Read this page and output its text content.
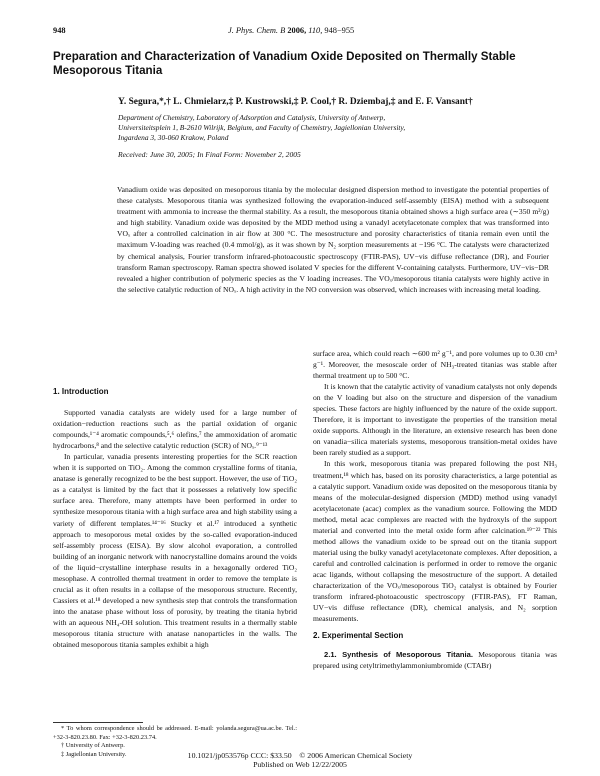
948	J. Phys. Chem. B 2006, 110, 948−955
Preparation and Characterization of Vanadium Oxide Deposited on Thermally Stable Mesoporous Titania
Y. Segura,*,† L. Chmielarz,‡ P. Kustrowski,‡ P. Cool,† R. Dziembaj,‡ and E. F. Vansant†
Department of Chemistry, Laboratory of Adsorption and Catalysis, University of Antwerp,
Universiteitsplein 1, B-2610 Wilrijk, Belgium, and Faculty of Chemistry, Jagiellonian University,
Ingardena 3, 30-060 Krakow, Poland
Received: June 30, 2005; In Final Form: November 2, 2005
Vanadium oxide was deposited on mesoporous titania by the molecular designed dispersion method to investigate the potential properties of these catalysts. Mesoporous titania was synthesized following the evaporation-induced self-assembly (EISA) method with a subsequent treatment with ammonia to increase the thermal stability. As a result, the mesoporous titania obtained shows a high surface area (∼350 m²/g) and high stability. Vanadium oxide was deposited by the MDD method using a vanadyl acetylacetonate complex that was transformed into VOₓ after a controlled calcination in air flow at 300 °C. The mesostructure and porosity characteristics of titania remain even until the maximum V-loading was reached (0.4 mmol/g), as it was shown by N₂ sorption measurements at −196 °C. The catalysts were characterized by chemical analysis, Fourier transform infrared-photoacoustic spectroscopy (FTIR-PAS), UV−vis diffuse reflectance (DR), and Fourier transform Raman spectroscopy. Raman spectra showed isolated V species for the different V-containing catalysts. Furthermore, UV−vis−DR revealed a higher contribution of polymeric species as the V loading increases. The VOₓ/mesoporous titania catalysts were highly active in the selective catalytic reduction of NOₓ. A high activity in the NO conversion was observed, which increases with increasing metal loading.
1. Introduction

Supported vanadia catalysts are widely used for a large number of oxidation−reduction reactions such as the partial oxidation of organic compounds,¹⁻⁴ aromatic compounds,⁵,⁶ olefins,⁷ the ammoxidation of aromatic hydrocarbons,⁸ and the selective catalytic reduction (SCR) of NOₓ.⁹⁻¹³

In particular, vanadia presents interesting properties for the SCR reaction when it is supported on TiO₂. Among the common crystalline forms of titania, anatase is generally recognized to be the best support. However, the use of TiO₂ as a catalyst is limited by the fact that it possesses a relatively low specific surface area. Therefore, many attempts have been performed in order to synthesize mesoporous titania with a high surface area and high stability using a variety of different templates.¹⁴⁻¹⁶ Stucky et al.¹⁷ introduced a synthetic approach to mesoporous metal oxides by the so-called evaporation-induced self-assembly process (EISA). By slow alcohol evaporation, a controlled building of an inorganic network with nanocrystalline domains around the voids of the liquid−crystalline interphase results in a hexagonally ordered TiO₂ mesophase. A controlled thermal treatment in order to remove the template is crucial as it often results in a collapse of the mesoporous structure. Recently, Cassiers et al.¹⁸ developed a new synthesis step that controls the transformation into the anatase phase without loss of porosity, by treating the titania hybrid with an aqueous NH₄-OH solution. This treatment results in a thermally stable mesoporous titania structure with anatase nanoparticles in the walls. The obtained mesoporous titania samples exhibit a high

surface area, which could reach ∼600 m² g⁻¹, and pore volumes up to 0.30 cm³ g⁻¹. Moreover, the mesoscale order of NH₃-treated titanias was stable after thermal treatment up to 500 °C.

It is known that the catalytic activity of vanadium catalysts not only depends on the V loading but also on the structure and dispersion of the vanadium species. These factors are highly influenced by the nature of the oxide support. Therefore, it is important to investigate the properties of the transition metal oxide supports. Although in the literature, an extensive research has been done on vanadia−silica materials systems, mesoporous transition-metal oxides have been rarely studied as a support.

In this work, mesoporous titania was prepared following the post NH₃ treatment,¹⁸ which has, based on its porosity characteristics, a large potential as a catalytic support. Vanadium oxide was deposited on the mesoporous titania by means of the molecular-designed dispersion (MDD) method using vanadyl acetylacetonate (acac) complex as the vanadium source. Following the MDD method, metal acac complexes are reacted with the hydroxyls of the support material and converted into the metal oxide form after calcination.¹⁹⁻²² This method allows the vanadium oxide to be spread out on the titania support material using the bulky vanadyl acetylacetonate complexes. After deposition, a careful and controlled calcination is performed in order to remove the organic acac ligands, without collapsing the mesostructure of the support. A detailed characterization of the VOₓ/mesoporous TiO₂ catalyst is obtained by Fourier transform infrared-photoacoustic spectroscopy (FTIR-PAS), FT Raman, UV−vis diffuse reflectance (DR), chemical analysis, and N₂ sorption measurements.

2. Experimental Section

2.1. Synthesis of Mesoporous Titania. Mesoporous titania was prepared using cetyltrimethylammoniumbromide (CTABr)

* To whom correspondence should be addressed. E-mail: yolanda.segura@ua.ac.be. Tel.: +32-3-820.23.80. Fax: +32-3-820.23.74.

† University of Antwerp.

‡ Jagiellonian University.	10.1021/jp053576p CCC: $33.50    © 2006 American Chemical Society
Published on Web 12/22/2005
